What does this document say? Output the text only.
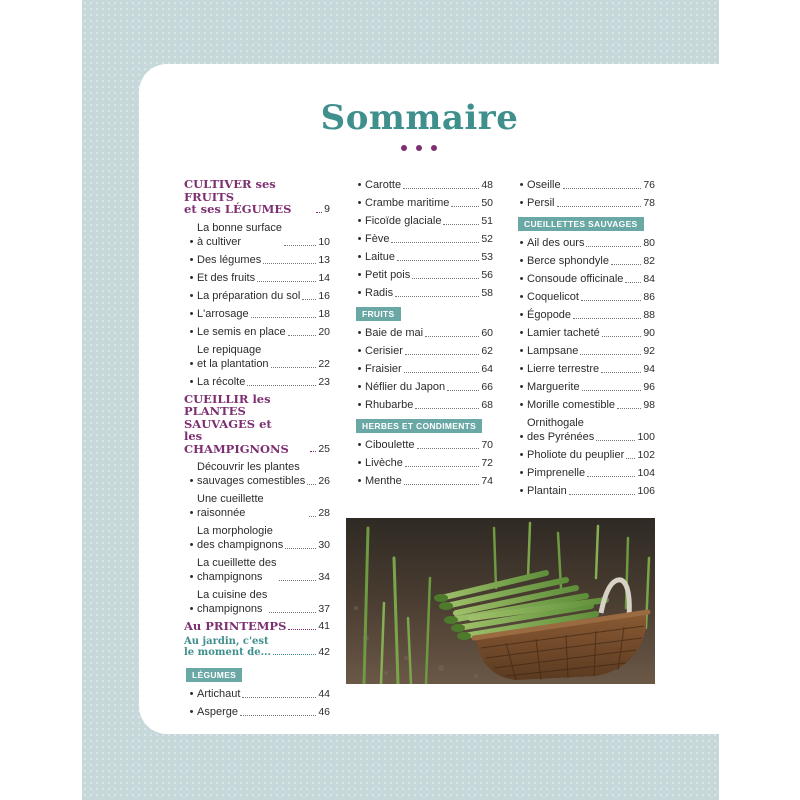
Sommaire
CULTIVER ses FRUITS
et ses LÉGUMES	9
•
La bonne surface
à cultiver	10
• Des légumes	13
• Et des fruits	14
• La préparation du sol 16
• L'arrosage	18
• Le semis en place	20
•
Le repiquage
et la plantation	22
• La récolte	23
CUEILLIR les PLANTES
SAUVAGES et
les CHAMPIGNONS	25
•
Découvrir les plantes
sauvages comestibles 26
•
Une cueillette raisonnée	28
•
La morphologie
des champignons	30
•
La cueillette des
champignons	34
•
La cuisine des
champignons	37
Au PRINTEMPS	41
Au jardin, c'est
le moment de...	42
LÉGUMES
• Artichaut	44
• Asperge	46
• Carotte	48
• Crambe maritime	50
• Ficoïde glaciale	51
• Fève	52
• Laitue	53
• Petit pois	56
• Radis	58
FRUITS
• Baie de mai	60
• Cerisier	62
• Fraisier	64
• Néflier du Japon	66
• Rhubarbe	68
HERBES ET CONDIMENTS
• Ciboulette	70
• Livèche	72
• Menthe	74
• Oseille	76
• Persil	78
CUEILLETTES SAUVAGES
• Ail des ours	80
• Berce sphondyle	82
• Consoude officinale 84
• Coquelicot	86
• Égopode	88
• Lamier tacheté	90
• Lampsane	92
• Lierre terrestre	94
• Marguerite	96
• Morille comestible	98
•
Ornithogale
des Pyrénées	100
• Pholiote du peuplier 102
• Pimprenelle	104
• Plantain	106
